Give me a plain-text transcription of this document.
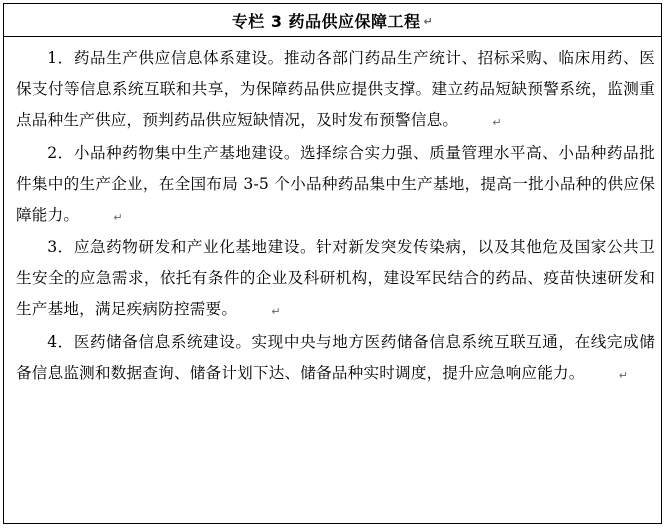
专栏 3 药品供应保障工程 ↵

1．药品生产供应信息体系建设。推动各部门药品生产统计、招标采购、临床用药、医保支付等信息系统互联和共享，为保障药品供应提供支撑。建立药品短缺预警系统，监测重点品种生产供应，预判药品供应短缺情况，及时发布预警信息。	↵

2．小品种药物集中生产基地建设。选择综合实力强、质量管理水平高、小品种药品批件集中的生产企业，在全国布局 3-5 个小品种药品集中生产基地，提高一批小品种的供应保障能力。	↵

3．应急药物研发和产业化基地建设。针对新发突发传染病，以及其他危及国家公共卫生安全的应急需求，依托有条件的企业及科研机构，建设军民结合的药品、疫苗快速研发和生产基地，满足疾病防控需要。	↵

4．医药储备信息系统建设。实现中央与地方医药储备信息系统互联互通，在线完成储备信息监测和数据查询、储备计划下达、储备品种实时调度，提升应急响应能力。	↵
